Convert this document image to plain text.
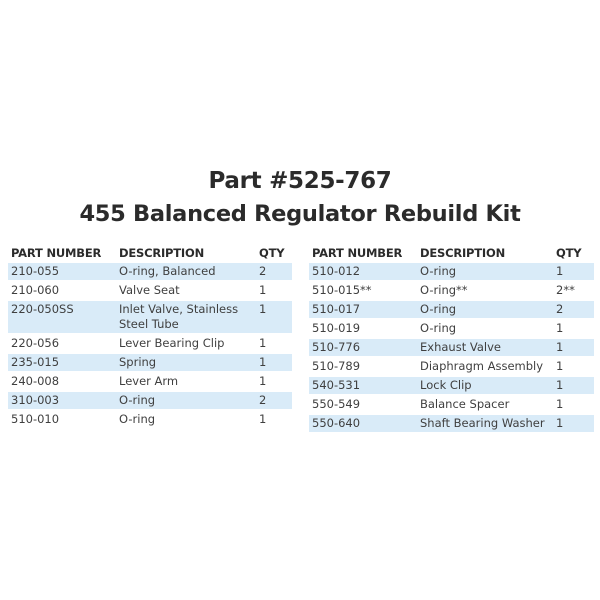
Part #525-767
455 Balanced Regulator Rebuild Kit
PART NUMBER	DESCRIPTION	QTY
210-055	O-ring, Balanced	2
210-060	Valve Seat	1
220-050SS	Inlet Valve, Stainless Steel Tube	1
220-056	Lever Bearing Clip	1
235-015	Spring	1
240-008	Lever Arm	1
310-003	O-ring	2
510-010	O-ring	1
PART NUMBER	DESCRIPTION	QTY
510-012	O-ring	1
510-015**	O-ring**	2**
510-017	O-ring	2
510-019	O-ring	1
510-776	Exhaust Valve	1
510-789	Diaphragm Assembly	1
540-531	Lock Clip	1
550-549	Balance Spacer	1
550-640	Shaft Bearing Washer	1
